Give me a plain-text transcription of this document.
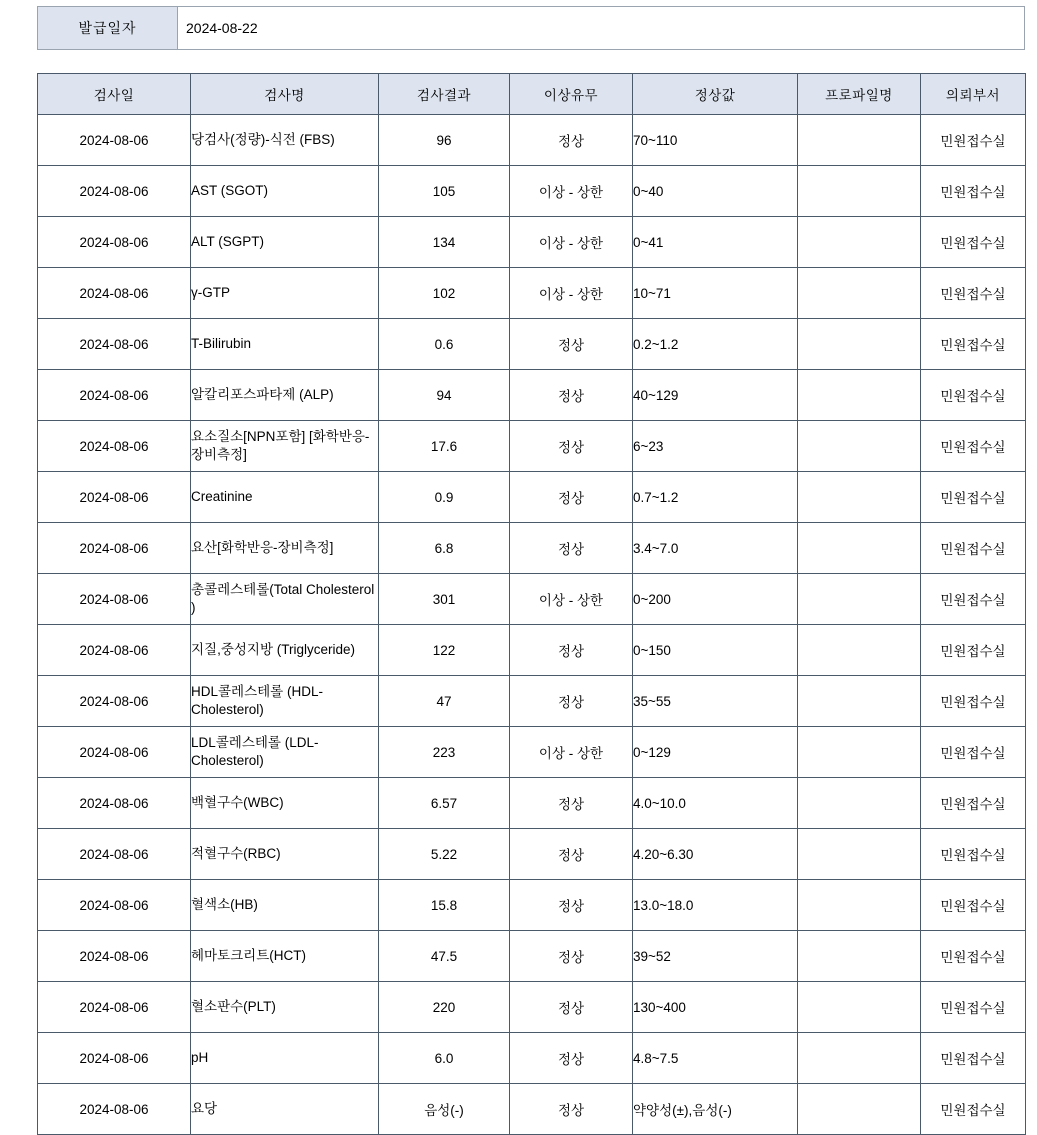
발급일자	2024-08-22
검사일	검사명	검사결과	이상유무	정상값	프로파일명	의뢰부서
2024-08-06	당검사(정량)-식전 (FBS)	96	정상	70~110		민원접수실
2024-08-06	AST (SGOT)	105	이상 - 상한	0~40		민원접수실
2024-08-06	ALT (SGPT)	134	이상 - 상한	0~41		민원접수실
2024-08-06	γ-GTP	102	이상 - 상한	10~71		민원접수실
2024-08-06	T-Bilirubin	0.6	정상	0.2~1.2		민원접수실
2024-08-06	알칼리포스파타제 (ALP)	94	정상	40~129		민원접수실
2024-08-06	요소질소[NPN포함] [화학반응-장비측정]	17.6	정상	6~23		민원접수실
2024-08-06	Creatinine	0.9	정상	0.7~1.2		민원접수실
2024-08-06	요산[화학반응-장비측정]	6.8	정상	3.4~7.0		민원접수실
2024-08-06	총콜레스테롤(Total Cholesterol )	301	이상 - 상한	0~200		민원접수실
2024-08-06	지질,중성지방 (Triglyceride)	122	정상	0~150		민원접수실
2024-08-06	HDL콜레스테롤 (HDL-Cholesterol)	47	정상	35~55		민원접수실
2024-08-06	LDL콜레스테롤 (LDL-Cholesterol)	223	이상 - 상한	0~129		민원접수실
2024-08-06	백혈구수(WBC)	6.57	정상	4.0~10.0		민원접수실
2024-08-06	적혈구수(RBC)	5.22	정상	4.20~6.30		민원접수실
2024-08-06	혈색소(HB)	15.8	정상	13.0~18.0		민원접수실
2024-08-06	헤마토크리트(HCT)	47.5	정상	39~52		민원접수실
2024-08-06	혈소판수(PLT)	220	정상	130~400		민원접수실
2024-08-06	pH	6.0	정상	4.8~7.5		민원접수실
2024-08-06	요당	음성(-)	정상	약양성(±),음성(-)		민원접수실
